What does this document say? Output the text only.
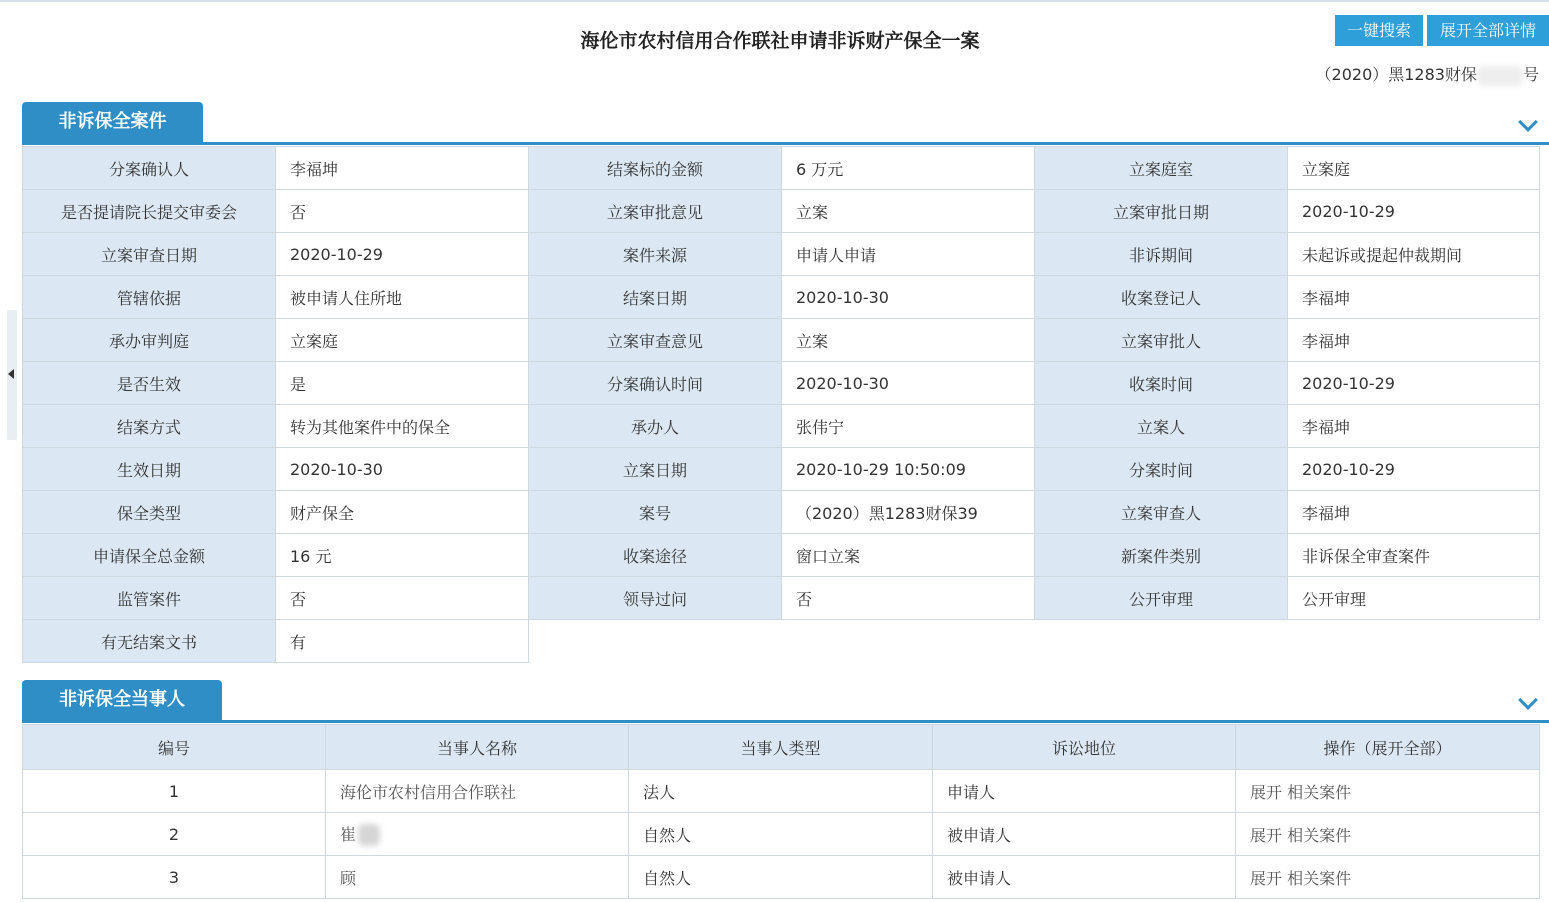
海伦市农村信用合作联社申请非诉财产保全一案	一键搜索	展开全部详情
（2020）黑1283财保	号
非诉保全案件
分案确认人	李福坤	结案标的金额	6 万元	立案庭室	立案庭
是否提请院长提交审委会	否	立案审批意见	立案	立案审批日期	2020-10-29
立案审查日期	2020-10-29	案件来源	申请人申请	非诉期间	未起诉或提起仲裁期间
管辖依据	被申请人住所地	结案日期	2020-10-30	收案登记人	李福坤
承办审判庭	立案庭	立案审查意见	立案	立案审批人	李福坤
是否生效	是	分案确认时间	2020-10-30	收案时间	2020-10-29
结案方式	转为其他案件中的保全	承办人	张伟宁	立案人	李福坤
生效日期	2020-10-30	立案日期	2020-10-29 10:50:09	分案时间	2020-10-29
保全类型	财产保全	案号	（2020）黑1283财保39	立案审查人	李福坤
申请保全总金额	16 元	收案途径	窗口立案	新案件类别	非诉保全审查案件
监管案件	否	领导过问	否	公开审理	公开审理
有无结案文书	有				
非诉保全当事人
编号	当事人名称	当事人类型	诉讼地位	操作（展开全部）
1	海伦市农村信用合作联社	法人	申请人	展开 相关案件
2	崔	自然人	被申请人	展开 相关案件
3	顾	自然人	被申请人	展开 相关案件
